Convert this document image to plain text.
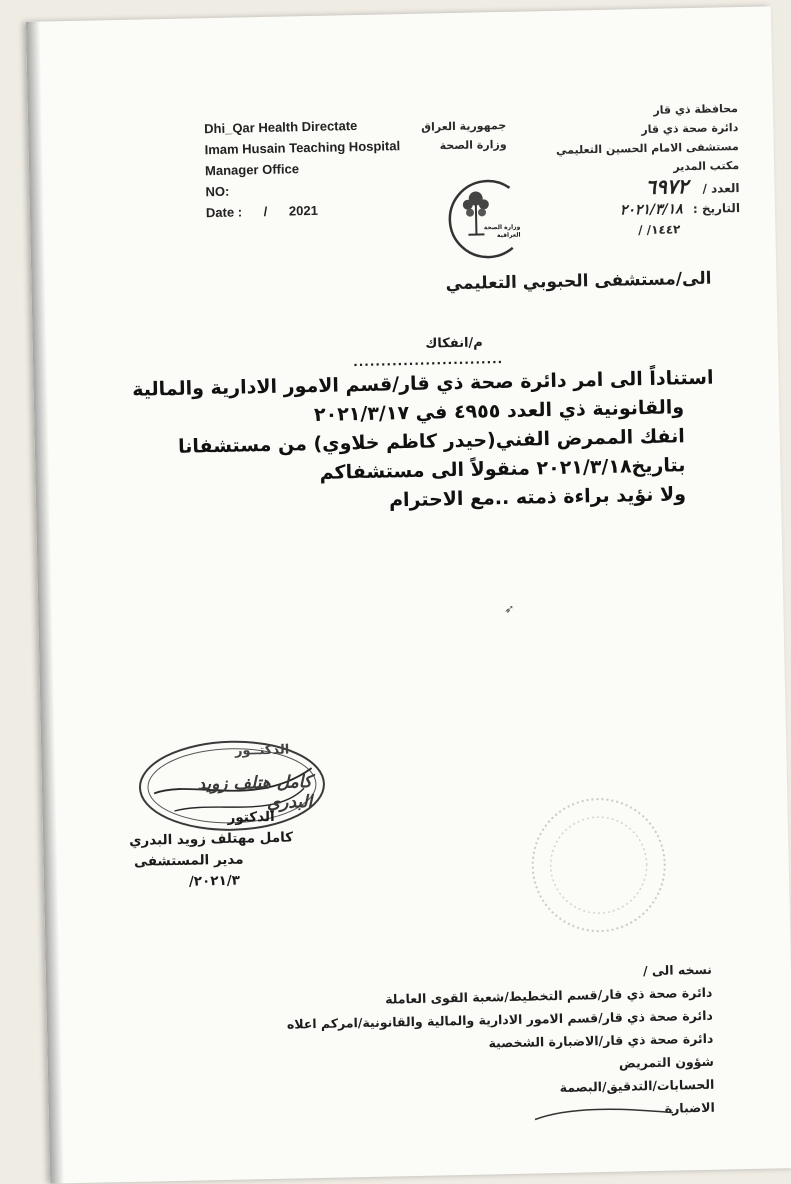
Dhi_Qar Health Directate
Imam Husain Teaching Hospital
Manager Office
NO:
Date : / 2021
جمهورية العراق
وزارة الصحة
وزارة الصحة العراقية
محافظة ذي قار
دائرة صحة ذي قار
مستشفى الامام الحسين التعليمي
مكتب المدير
العدد / ٦٩٧٢
التاريخ : ٢٠٢١/٣/١٨
١٤٤٢/ /
الى/مستشفى الحبوبي التعليمي
م/انفكاك
...........................
استناداً الى امر دائرة صحة ذي قار/قسم الامور الادارية والمالية
والقانونية ذي العدد ٤٩٥٥ في ٢٠٢١/٣/١٧
انفك الممرض الفني(حيدر كاظم خلاوي) من مستشفانا
بتاريخ٢٠٢١/٣/١٨ منقولاً الى مستشفاكم
ولا نؤيد براءة ذمته ..مع الاحترام
➶
الدكتــور
كامل هتلف زويد البدري
الدكتور
كامل مهتلف زويد البدري
مدير المستشفى
٢٠٢١/٣/
نسخه الى /
دائرة صحة ذي قار/قسم التخطيط/شعبة القوى العاملة
دائرة صحة ذي قار/قسم الامور الادارية والمالية والقانونية/امركم اعلاه
دائرة صحة ذي قار/الاضبارة الشخصية
شؤون التمريض
الحسابات/التدقيق/البصمة
الاضبارة
